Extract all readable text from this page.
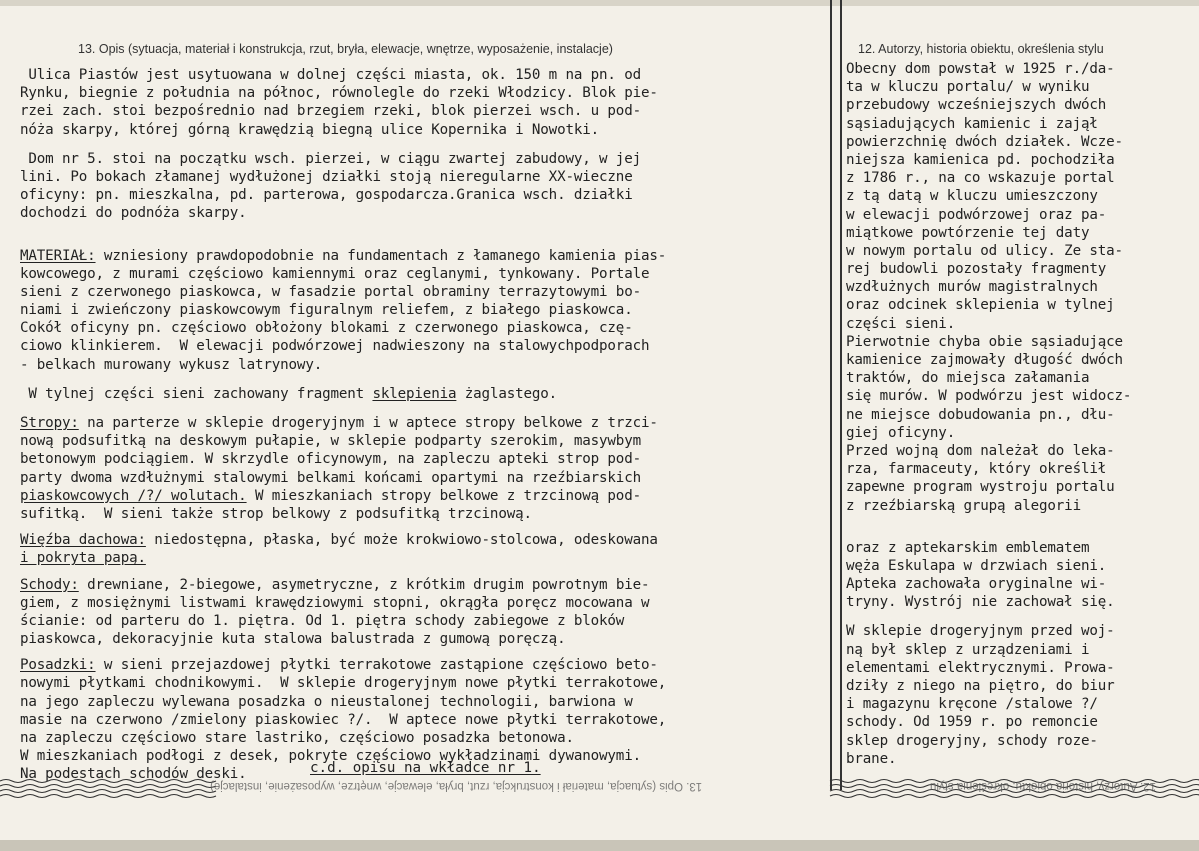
13. Opis (sytuacja, materiał i konstrukcja, rzut, bryła, elewacje, wnętrze, wyposażenie, instalacje)	12. Autorzy, historia obiektu, określenia stylu
Ulica Piastów jest usytuowana w dolnej części miasta, ok. 150 m na pn. od
Rynku, biegnie z południa na północ, równolegle do rzeki Włodzicy. Blok pie-
rzei zach. stoi bezpośrednio nad brzegiem rzeki, blok pierzei wsch. u pod-
nóża skarpy, której górną krawędzią biegną ulice Kopernika i Nowotki.
Dom nr 5. stoi na początku wsch. pierzei, w ciągu zwartej zabudowy, w jej
lini. Po bokach złamanej wydłużonej działki stoją nieregularne XX-wieczne
oficyny: pn. mieszkalna, pd. parterowa, gospodarcza.Granica wsch. działki
dochodzi do podnóża skarpy.
MATERIAŁ: wzniesiony prawdopodobnie na fundamentach z łamanego kamienia pias-
kowcowego, z murami częściowo kamiennymi oraz ceglanymi, tynkowany. Portale
sieni z czerwonego piaskowca, w fasadzie portal obraminy terrazytowymi bo-
niami i zwieńczony piaskowcowym figuralnym reliefem, z białego piaskowca.
Cokół oficyny pn. częściowo obłożony blokami z czerwonego piaskowca, czę-
ciowo klinkierem.  W elewacji podwórzowej nadwieszony na stalowychpodporach
- belkach murowany wykusz latrynowy.
W tylnej części sieni zachowany fragment sklepienia żaglastego.
Stropy: na parterze w sklepie drogeryjnym i w aptece stropy belkowe z trzci-
nową podsufitką na deskowym pułapie, w sklepie podparty szerokim, masywbym
betonowym podciągiem. W skrzydle oficynowym, na zapleczu apteki strop pod-
party dwoma wzdłużnymi stalowymi belkami końcami opartymi na rzeźbiarskich
piaskowcowych /?/ wolutach. W mieszkaniach stropy belkowe z trzcinową pod-
sufitką.  W sieni także strop belkowy z podsufitką trzcinową.
Więźba dachowa: niedostępna, płaska, być może krokwiowo-stolcowa, odeskowana
i pokryta papą.
Schody: drewniane, 2-biegowe, asymetryczne, z krótkim drugim powrotnym bie-
giem, z mosiężnymi listwami krawędziowymi stopni, okrągła poręcz mocowana w
ścianie: od parteru do 1. piętra. Od 1. piętra schody zabiegowe z bloków
piaskowca, dekoracyjnie kuta stalowa balustrada z gumową poręczą.
Posadzki: w sieni przejazdowej płytki terrakotowe zastąpione częściowo beto-
nowymi płytkami chodnikowymi.  W sklepie drogeryjnym nowe płytki terrakotowe,
na jego zapleczu wylewana posadzka o nieustalonej technologii, barwiona w
masie na czerwono /zmielony piaskowiec ?/.  W aptece nowe płytki terrakotowe,
na zapleczu częściowo stare lastriko, częściowo posadzka betonowa.
W mieszkaniach podłogi z desek, pokryte częściowo wykładzinami dywanowymi.
Na podestach schodów deski.	c.d. opisu na wkładce nr 1.
Obecny dom powstał w 1925 r./da-
ta w kluczu portalu/ w wyniku
przebudowy wcześniejszych dwóch
sąsiadujących kamienic i zajął
powierzchnię dwóch działek. Wcze-
niejsza kamienica pd. pochodziła
z 1786 r., na co wskazuje portal
z tą datą w kluczu umieszczony
w elewacji podwórzowej oraz pa-
miątkowe powtórzenie tej daty
w nowym portalu od ulicy. Ze sta-
rej budowli pozostały fragmenty
wzdłużnych murów magistralnych
oraz odcinek sklepienia w tylnej
części sieni.
Pierwotnie chyba obie sąsiadujące
kamienice zajmowały długość dwóch
traktów, do miejsca załamania
się murów. W podwórzu jest widocz-
ne miejsce dobudowania pn., dłu-
giej oficyny.
Przed wojną dom należał do leka-
rza, farmaceuty, który określił
zapewne program wystroju portalu
z rzeźbiarską grupą alegorii
oraz z aptekarskim emblematem
węża Eskulapa w drzwiach sieni.
Apteka zachowała oryginalne wi-
tryny. Wystrój nie zachował się.
W sklepie drogeryjnym przed woj-
ną był sklep z urządzeniami i
elementami elektrycznymi. Prowa-
dziły z niego na piętro, do biur
i magazynu kręcone /stalowe ?/
schody. Od 1959 r. po remoncie
sklep drogeryjny, schody roze-
brane.
13. Opis (sytuacja, materiał i konstrukcja, rzut, bryła, elewacje, wnętrze, wyposażenie, instalacje)	12. Autorzy, historia obiektu, określenia stylu
